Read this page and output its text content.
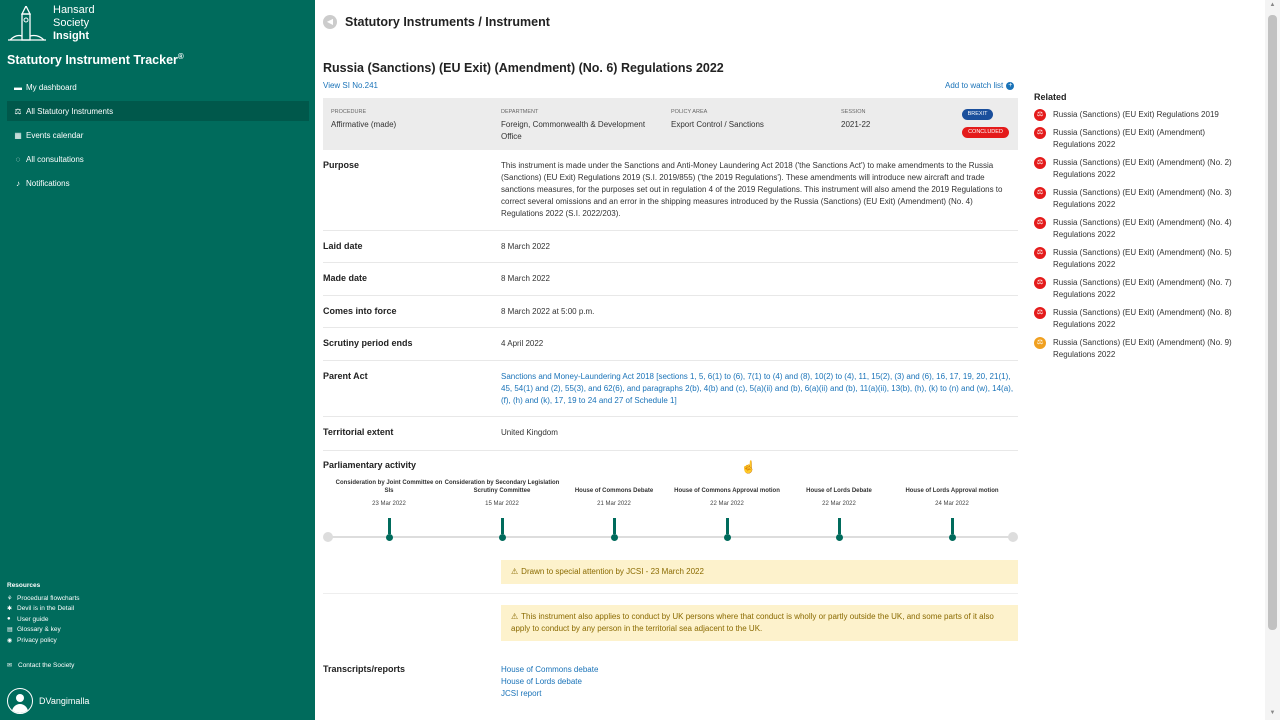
Hansard
Society
Insight
Statutory Instrument Tracker®
▬ My dashboard
⚖ All Statutory Instruments
▦ Events calendar
◌ All consultations
♪ Notifications
Resources
⚘ Procedural flowcharts
✱ Devil is in the Detail
● User guide
▤ Glossary & key
◉ Privacy policy
✉ Contact the Society
DVangimalla
◀ Statutory Instruments / Instrument
Russia (Sanctions) (EU Exit) (Amendment) (No. 6) Regulations 2022
View SI No.241	Add to watch list +
PROCEDURE
Affirmative (made)
DEPARTMENT
Foreign, Commonwealth & Development Office
POLICY AREA
Export Control / Sanctions
SESSION
2021-22
BREXIT
CONCLUDED
Purpose	This instrument is made under the Sanctions and Anti-Money Laundering Act 2018 ('the Sanctions Act') to make amendments to the Russia (Sanctions) (EU Exit) Regulations 2019 (S.I. 2019/855) ('the 2019 Regulations'). These amendments will introduce new aircraft and trade sanctions measures, for the purposes set out in regulation 4 of the 2019 Regulations. This instrument will also amend the 2019 Regulations to correct several omissions and an error in the shipping measures introduced by the Russia (Sanctions) (EU Exit) (Amendment) (No. 4) Regulations 2022 (S.I. 2022/203).
Laid date	8 March 2022
Made date	8 March 2022
Comes into force	8 March 2022 at 5:00 p.m.
Scrutiny period ends	4 April 2022
Parent Act	Sanctions and Money-Laundering Act 2018 [sections 1, 5, 6(1) to (6), 7(1) to (4) and (8), 10(2) to (4), 11, 15(2), (3) and (6), 16, 17, 19, 20, 21(1), 45, 54(1) and (2), 55(3), and 62(6), and paragraphs 2(b), 4(b) and (c), 5(a)(ii) and (b), 6(a)(ii) and (b), 11(a)(ii), 13(b), (h), (k) to (n) and (w), 14(a), (f), (h) and (k), 17, 19 to 24 and 27 of Schedule 1]
Territorial extent	United Kingdom
Parliamentary activity
Consideration by Joint Committee on SIs
23 Mar 2022
Consideration by Secondary Legislation Scrutiny Committee
15 Mar 2022
House of Commons Debate
21 Mar 2022
House of Commons Approval motion
22 Mar 2022
House of Lords Debate
22 Mar 2022
House of Lords Approval motion
24 Mar 2022
⚠ Drawn to special attention by JCSI - 23 March 2022
⚠ This instrument also applies to conduct by UK persons where that conduct is wholly or partly outside the UK, and some parts of it also apply to conduct by any person in the territorial sea adjacent to the UK.
Transcripts/reports	House of Commons debate
House of Lords debate
JCSI report
Related
⚖	Russia (Sanctions) (EU Exit) Regulations 2019
⚖	Russia (Sanctions) (EU Exit) (Amendment) Regulations 2022
⚖	Russia (Sanctions) (EU Exit) (Amendment) (No. 2) Regulations 2022
⚖	Russia (Sanctions) (EU Exit) (Amendment) (No. 3) Regulations 2022
⚖	Russia (Sanctions) (EU Exit) (Amendment) (No. 4) Regulations 2022
⚖	Russia (Sanctions) (EU Exit) (Amendment) (No. 5) Regulations 2022
⚖	Russia (Sanctions) (EU Exit) (Amendment) (No. 7) Regulations 2022
⚖	Russia (Sanctions) (EU Exit) (Amendment) (No. 8) Regulations 2022
⚖	Russia (Sanctions) (EU Exit) (Amendment) (No. 9) Regulations 2022
▲
▼
☝
